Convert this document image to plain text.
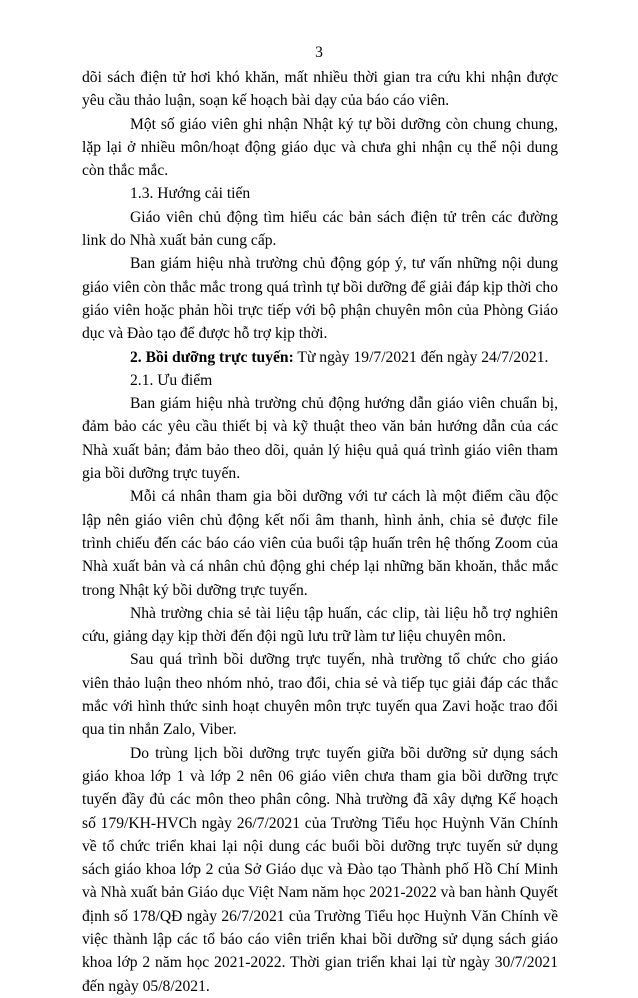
3

dõi sách điện tử hơi khó khăn, mất nhiều thời gian tra cứu khi nhận được yêu cầu thảo luận, soạn kế hoạch bài dạy của báo cáo viên.

Một số giáo viên ghi nhận Nhật ký tự bồi dưỡng còn chung chung, lặp lại ở nhiều môn/hoạt động giáo dục và chưa ghi nhận cụ thể nội dung còn thắc mắc.

1.3. Hướng cải tiến

Giáo viên chủ động tìm hiểu các bản sách điện tử trên các đường link do Nhà xuất bản cung cấp.

Ban giám hiệu nhà trường chủ động góp ý, tư vấn những nội dung giáo viên còn thắc mắc trong quá trình tự bồi dưỡng để giải đáp kịp thời cho giáo viên hoặc phản hồi trực tiếp với bộ phận chuyên môn của Phòng Giáo dục và Đào tạo để được hỗ trợ kịp thời.

2. Bồi dưỡng trực tuyến: Từ ngày 19/7/2021 đến ngày 24/7/2021.

2.1. Ưu điểm

Ban giám hiệu nhà trường chủ động hướng dẫn giáo viên chuẩn bị, đảm bảo các yêu cầu thiết bị và kỹ thuật theo văn bản hướng dẫn của các Nhà xuất bản; đảm bảo theo dõi, quản lý hiệu quả quá trình giáo viên tham gia bồi dưỡng trực tuyến.

Mỗi cá nhân tham gia bồi dưỡng với tư cách là một điểm cầu độc lập nên giáo viên chủ động kết nối âm thanh, hình ảnh, chia sẻ được file trình chiếu đến các báo cáo viên của buổi tập huấn trên hệ thống Zoom của Nhà xuất bản và cá nhân chủ động ghi chép lại những băn khoăn, thắc mắc trong Nhật ký bồi dưỡng trực tuyến.

Nhà trường chia sẻ tài liệu tập huấn, các clip, tài liệu hỗ trợ nghiên cứu, giảng dạy kịp thời đến đội ngũ lưu trữ làm tư liệu chuyên môn.

Sau quá trình bồi dưỡng trực tuyến, nhà trường tổ chức cho giáo viên thảo luận theo nhóm nhỏ, trao đổi, chia sẻ và tiếp tục giải đáp các thắc mắc với hình thức sinh hoạt chuyên môn trực tuyến qua Zavi hoặc trao đổi qua tin nhắn Zalo, Viber.

Do trùng lịch bồi dưỡng trực tuyến giữa bồi dưỡng sử dụng sách giáo khoa lớp 1 và lớp 2 nên 06 giáo viên chưa tham gia bồi dưỡng trực tuyến đầy đủ các môn theo phân công. Nhà trường đã xây dựng Kế hoạch số 179/KH-HVCh ngày 26/7/2021 của Trường Tiểu học Huỳnh Văn Chính về tổ chức triển khai lại nội dung các buổi bồi dưỡng trực tuyến sử dụng sách giáo khoa lớp 2 của Sở Giáo dục và Đào tạo Thành phố Hồ Chí Minh và Nhà xuất bản Giáo dục Việt Nam năm học 2021-2022 và ban hành Quyết định số 178/QĐ ngày 26/7/2021 của Trường Tiểu học Huỳnh Văn Chính về việc thành lập các tổ báo cáo viên triển khai bồi dưỡng sử dụng sách giáo khoa lớp 2 năm học 2021-2022. Thời gian triển khai lại từ ngày 30/7/2021 đến ngày 05/8/2021.
